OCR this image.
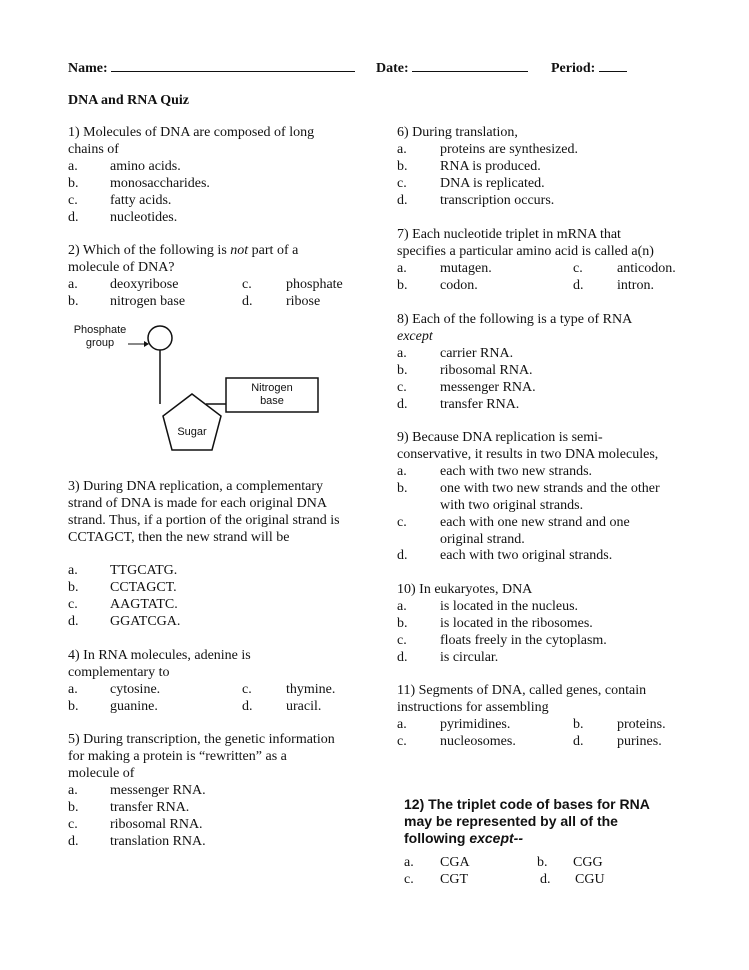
Name:	Date:	Period:
DNA and RNA Quiz
1) Molecules of DNA are composed of long
chains of
a. amino acids.
b. monosaccharides.
c. fatty acids.
d. nucleotides.
2) Which of the following is not part of a
molecule of DNA?
a. deoxyribose	c. phosphate
b. nitrogen base	d. ribose
Phosphate
group
Nitrogen
base
Sugar
3) During DNA replication, a complementary
strand of DNA is made for each original DNA
strand. Thus, if a portion of the original strand is
CCTAGCT, then the new strand will be
a. TTGCATG.
b. CCTAGCT.
c. AAGTATC.
d. GGATCGA.
4) In RNA molecules, adenine is
complementary to
a. cytosine.	c. thymine.
b. guanine.	d. uracil.
5) During transcription, the genetic information
for making a protein is “rewritten” as a
molecule of
a. messenger RNA.
b. transfer RNA.
c. ribosomal RNA.
d. translation RNA.
6) During translation,
a. proteins are synthesized.
b. RNA is produced.
c. DNA is replicated.
d. transcription occurs.
7) Each nucleotide triplet in mRNA that
specifies a particular amino acid is called a(n)
a. mutagen.	c. anticodon.
b. codon.	d. intron.
8) Each of the following is a type of RNA
except
a. carrier RNA.
b. ribosomal RNA.
c. messenger RNA.
d. transfer RNA.
9) Because DNA replication is semi-
conservative, it results in two DNA molecules,
a. each with two new strands.
b. one with two new strands and the other
with two original strands.
c. each with one new strand and one
original strand.
d. each with two original strands.
10) In eukaryotes, DNA
a. is located in the nucleus.
b. is located in the ribosomes.
c. floats freely in the cytoplasm.
d. is circular.
11) Segments of DNA, called genes, contain
instructions for assembling
a. pyrimidines.	b. proteins.
c. nucleosomes.	d. purines.
12) The triplet code of bases for RNA
may be represented by all of the
following except--
a. CGA	b. CGG
c. CGT	d. CGU
